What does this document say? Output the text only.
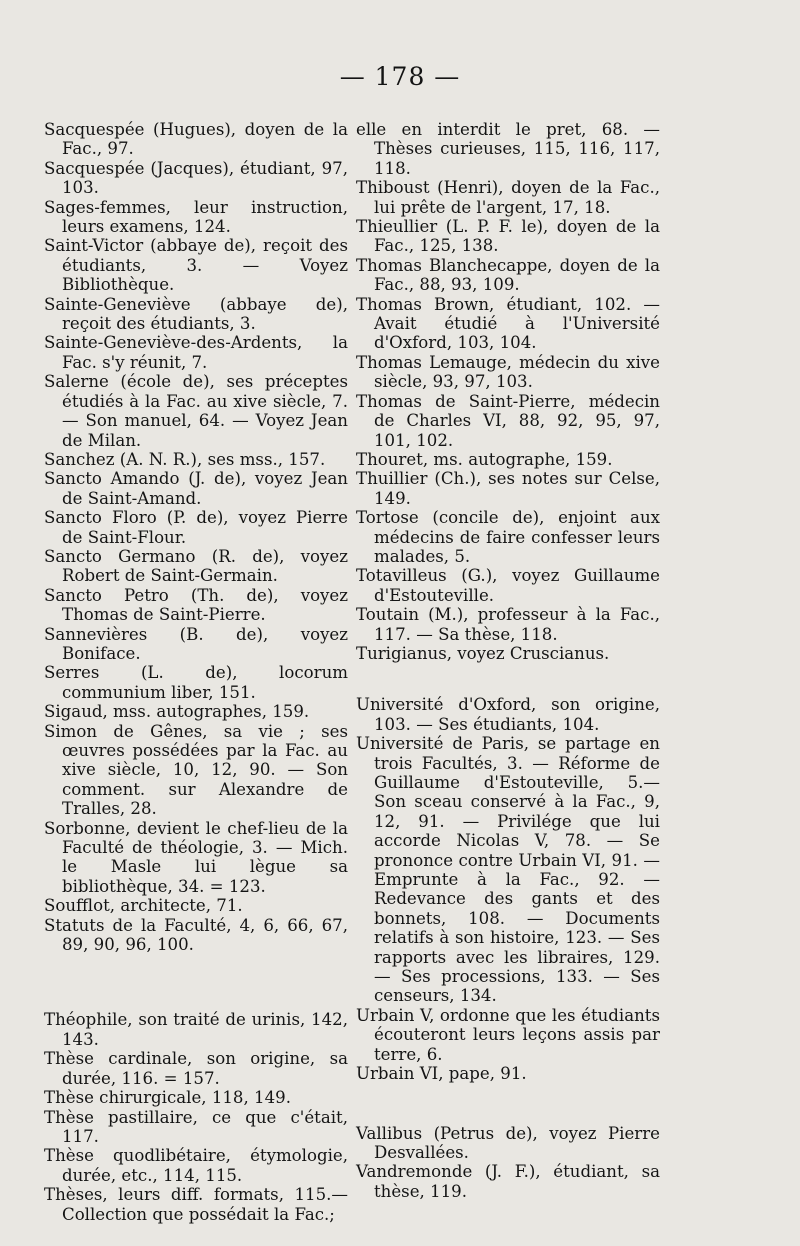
— 178 —
Sacquespée (Hugues), doyen de la Fac., 97.
Sacquespée (Jacques), étudiant, 97, 103.
Sages-femmes, leur instruction, leurs examens, 124.
Saint-Victor (abbaye de), reçoit des étudiants, 3. — Voyez Bibliothèque.
Sainte-Geneviève (abbaye de), reçoit des étudiants, 3.
Sainte-Geneviève-des-Ardents, la Fac. s'y réunit, 7.
Salerne (école de), ses préceptes étudiés à la Fac. au xive siècle, 7. — Son manuel, 64. — Voyez Jean de Milan.
Sanchez (A. N. R.), ses mss., 157.
Sancto Amando (J. de), voyez Jean de Saint-Amand.
Sancto Floro (P. de), voyez Pierre de Saint-Flour.
Sancto Germano (R. de), voyez Robert de Saint-Germain.
Sancto Petro (Th. de), voyez Thomas de Saint-Pierre.
Sannevières (B. de), voyez Boniface.
Serres (L. de), locorum communium liber, 151.
Sigaud, mss. autographes, 159.
Simon de Gênes, sa vie ; ses œuvres possédées par la Fac. au xive siècle, 10, 12, 90. — Son comment. sur Alexandre de Tralles, 28.
Sorbonne, devient le chef-lieu de la Faculté de théologie, 3. — Mich. le Masle lui lègue sa bibliothèque, 34. = 123.
Soufflot, architecte, 71.
Statuts de la Faculté, 4, 6, 66, 67, 89, 90, 96, 100.
Théophile, son traité de urinis, 142, 143.
Thèse cardinale, son origine, sa durée, 116. = 157.
Thèse chirurgicale, 118, 149.
Thèse pastillaire, ce que c'était, 117.
Thèse quodlibétaire, étymologie, durée, etc., 114, 115.
Thèses, leurs diff. formats, 115.— Collection que possédait la Fac.;
elle en interdit le pret, 68. — Thèses curieuses, 115, 116, 117, 118.
Thiboust (Henri), doyen de la Fac., lui prête de l'argent, 17, 18.
Thieullier (L. P. F. le), doyen de la Fac., 125, 138.
Thomas Blanchecappe, doyen de la Fac., 88, 93, 109.
Thomas Brown, étudiant, 102. — Avait étudié à l'Université d'Oxford, 103, 104.
Thomas Lemauge, médecin du xive siècle, 93, 97, 103.
Thomas de Saint-Pierre, médecin de Charles VI, 88, 92, 95, 97, 101, 102.
Thouret, ms. autographe, 159.
Thuillier (Ch.), ses notes sur Celse, 149.
Tortose (concile de), enjoint aux médecins de faire confesser leurs malades, 5.
Totavilleus (G.), voyez Guillaume d'Estouteville.
Toutain (M.), professeur à la Fac., 117. — Sa thèse, 118.
Turigianus, voyez Cruscianus.
Université d'Oxford, son origine, 103. — Ses étudiants, 104.
Université de Paris, se partage en trois Facultés, 3. — Réforme de Guillaume d'Estouteville, 5.— Son sceau conservé à la Fac., 9, 12, 91. — Privilége que lui accorde Nicolas V, 78. — Se prononce contre Urbain VI, 91. — Emprunte à la Fac., 92. — Redevance des gants et des bonnets, 108. — Documents relatifs à son histoire, 123. — Ses rapports avec les libraires, 129. — Ses processions, 133. — Ses censeurs, 134.
Urbain V, ordonne que les étudiants écouteront leurs leçons assis par terre, 6.
Urbain VI, pape, 91.
Vallibus (Petrus de), voyez Pierre Desvallées.
Vandremonde (J. F.), étudiant, sa thèse, 119.
